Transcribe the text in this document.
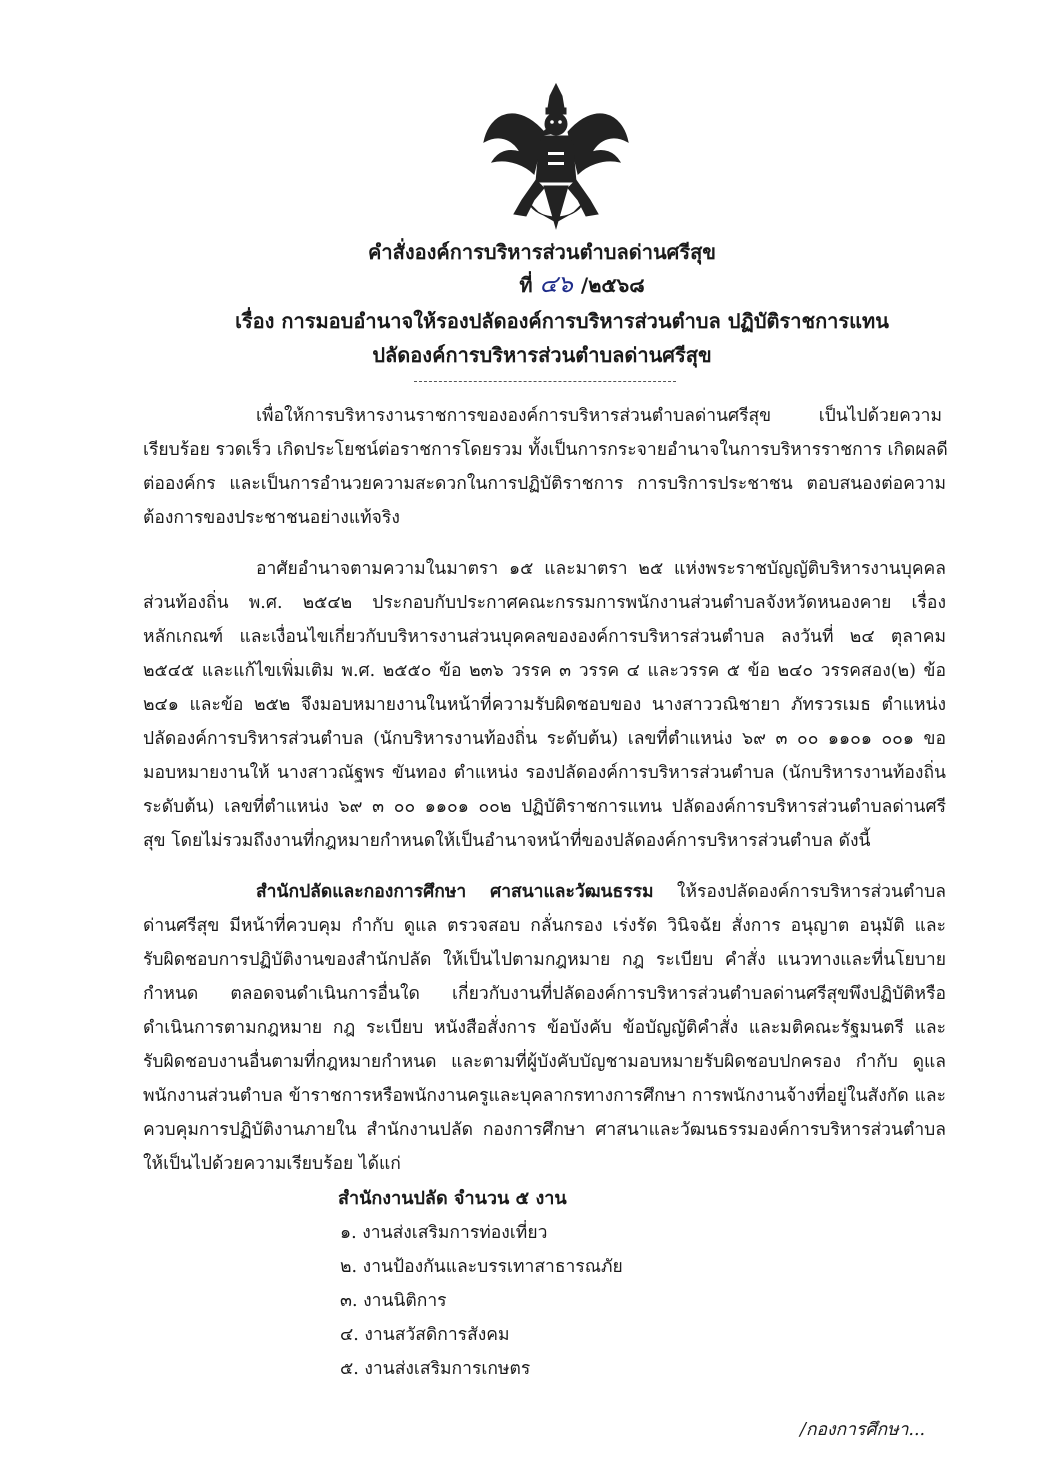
คำสั่งองค์การบริหารส่วนตำบลด่านศรีสุข
ที่ ๔๖ /๒๕๖๘
เรื่อง การมอบอำนาจให้รองปลัดองค์การบริหารส่วนตำบล ปฏิบัติราชการแทน
ปลัดองค์การบริหารส่วนตำบลด่านศรีสุข
เพื่อให้การบริหารงานราชการขององค์การบริหารส่วนตำบลด่านศรีสุข เป็นไปด้วยความ
เรียบร้อย รวดเร็ว เกิดประโยชน์ต่อราชการโดยรวม ทั้งเป็นการกระจายอำนาจในการบริหารราชการ เกิดผลดี
ต่อองค์กร และเป็นการอำนวยความสะดวกในการปฏิบัติราชการ การบริการประชาชน ตอบสนองต่อความ
ต้องการของประชาชนอย่างแท้จริง
อาศัยอำนาจตามความในมาตรา ๑๕ และมาตรา ๒๕ แห่งพระราชบัญญัติบริหารงานบุคคล
ส่วนท้องถิ่น พ.ศ. ๒๕๔๒ ประกอบกับประกาศคณะกรรมการพนักงานส่วนตำบลจังหวัดหนองคาย เรื่อง
หลักเกณฑ์ และเงื่อนไขเกี่ยวกับบริหารงานส่วนบุคคลขององค์การบริหารส่วนตำบล ลงวันที่ ๒๔ ตุลาคม
๒๕๔๕ และแก้ไขเพิ่มเติม พ.ศ. ๒๕๕๐ ข้อ ๒๓๖ วรรค ๓ วรรค ๔ และวรรค ๕ ข้อ ๒๔๐ วรรคสอง(๒) ข้อ
๒๔๑ และข้อ ๒๕๒ จึงมอบหมายงานในหน้าที่ความรับผิดชอบของ นางสาววณิชายา ภัทรวรเมธ ตำแหน่ง
ปลัดองค์การบริหารส่วนตำบล (นักบริหารงานท้องถิ่น ระดับต้น) เลขที่ตำแหน่ง ๖๙ ๓ ๐๐ ๑๑๐๑ ๐๐๑ ขอ
มอบหมายงานให้ นางสาวณัฐพร ขันทอง ตำแหน่ง รองปลัดองค์การบริหารส่วนตำบล (นักบริหารงานท้องถิ่น
ระดับต้น) เลขที่ตำแหน่ง ๖๙ ๓ ๐๐ ๑๑๐๑ ๐๐๒ ปฏิบัติราชการแทน ปลัดองค์การบริหารส่วนตำบลด่านศรี
สุข โดยไม่รวมถึงงานที่กฎหมายกำหนดให้เป็นอำนาจหน้าที่ของปลัดองค์การบริหารส่วนตำบล ดังนี้
สำนักปลัดและกองการศึกษา ศาสนาและวัฒนธรรม ให้รองปลัดองค์การบริหารส่วนตำบล
ด่านศรีสุข มีหน้าที่ควบคุม กำกับ ดูแล ตรวจสอบ กลั่นกรอง เร่งรัด วินิจฉัย สั่งการ อนุญาต อนุมัติ และ
รับผิดชอบการปฏิบัติงานของสำนักปลัด ให้เป็นไปตามกฎหมาย กฎ ระเบียบ คำสั่ง แนวทางและที่นโยบาย
กำหนด ตลอดจนดำเนินการอื่นใด เกี่ยวกับงานที่ปลัดองค์การบริหารส่วนตำบลด่านศรีสุขพึงปฏิบัติหรือ
ดำเนินการตามกฎหมาย กฎ ระเบียบ หนังสือสั่งการ ข้อบังคับ ข้อบัญญัติคำสั่ง และมติคณะรัฐมนตรี และ
รับผิดชอบงานอื่นตามที่กฎหมายกำหนด และตามที่ผู้บังคับบัญชามอบหมายรับผิดชอบปกครอง กำกับ ดูแล
พนักงานส่วนตำบล ข้าราชการหรือพนักงานครูและบุคลากรทางการศึกษา การพนักงานจ้างที่อยู่ในสังกัด และ
ควบคุมการปฏิบัติงานภายใน สำนักงานปลัด กองการศึกษา ศาสนาและวัฒนธรรมองค์การบริหารส่วนตำบล
ให้เป็นไปด้วยความเรียบร้อย ได้แก่
สำนักงานปลัด จำนวน ๕ งาน
๑. งานส่งเสริมการท่องเที่ยว
๒. งานป้องกันและบรรเทาสาธารณภัย
๓. งานนิติการ
๔. งานสวัสดิการสังคม
๕. งานส่งเสริมการเกษตร
/กองการศึกษา...
